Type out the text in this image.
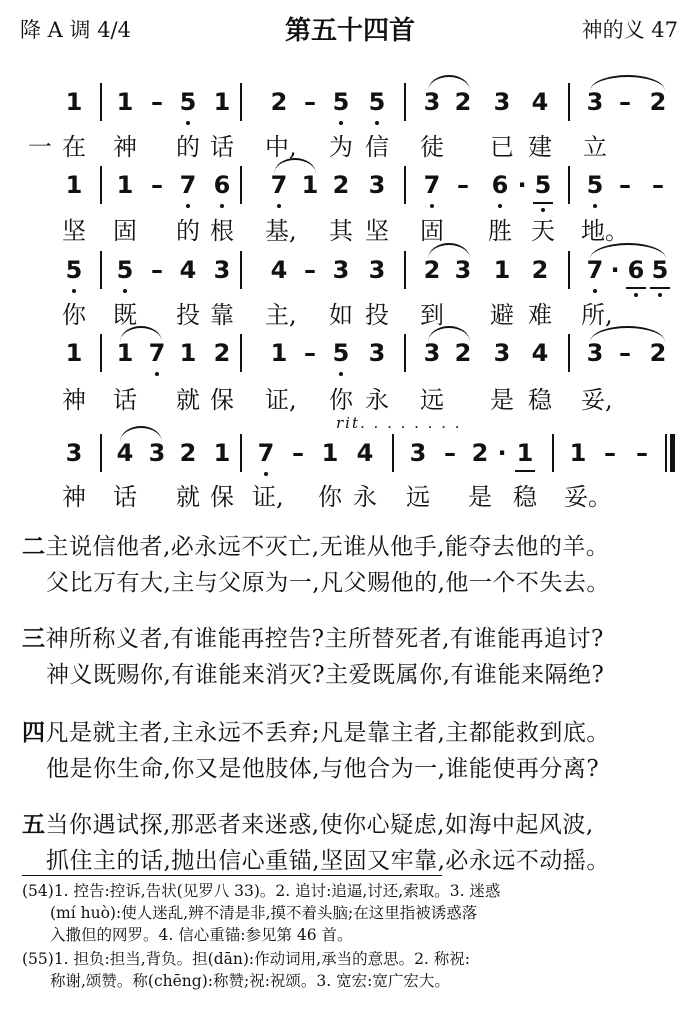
降 A 调 4/4	第五十四首	神的义 47
rit. . . . . . . .
1 1 – 5 1 2 – 5 5 3 2 3 4 3 – 2
一 在 神 的 话 中, 为 信 徒 已 建 立
1 1 – 7 6 7 1 2 3 7 – 6 · 5 5 – –
坚 固 的 根 基, 其 坚 固 胜 天 地。
5 5 – 4 3 4 – 3 3 2 3 1 2 7 · 6 5
你 既 投 靠 主, 如 投 到 避 难 所,
1 1 7 1 2 1 – 5 3 3 2 3 4 3 – 2
神 话 就 保 证, 你 永 远 是 稳 妥,
3 4 3 2 1 7 – 1 4 3 – 2 · 1 1 – –
神 话 就 保 证, 你 永 远 是 稳 妥。
二主说信他者,必永远不灭亡,无谁从他手,能夺去他的羊。
父比万有大,主与父原为一,凡父赐他的,他一个不失去。
三神所称义者,有谁能再控告?主所替死者,有谁能再追讨?
神义既赐你,有谁能来消灭?主爱既属你,有谁能来隔绝?
四凡是就主者,主永远不丢弃;凡是靠主者,主都能救到底。
他是你生命,你又是他肢体,与他合为一,谁能使再分离?
五当你遇试探,那恶者来迷惑,使你心疑虑,如海中起风波,
抓住主的话,抛出信心重锚,坚固又牢靠,必永远不动摇。
(54)1. 控告:控诉,告状(见罗八 33)。2. 追讨:追逼,讨还,索取。3. 迷惑
(mí huò):使人迷乱,辨不清是非,摸不着头脑;在这里指被诱惑落
入撒但的网罗。4. 信心重锚:参见第 46 首。
(55)1. 担负:担当,背负。担(dān):作动词用,承当的意思。2. 称祝:
称谢,颂赞。称(chēng):称赞;祝:祝颂。3. 宽宏:宽广宏大。
